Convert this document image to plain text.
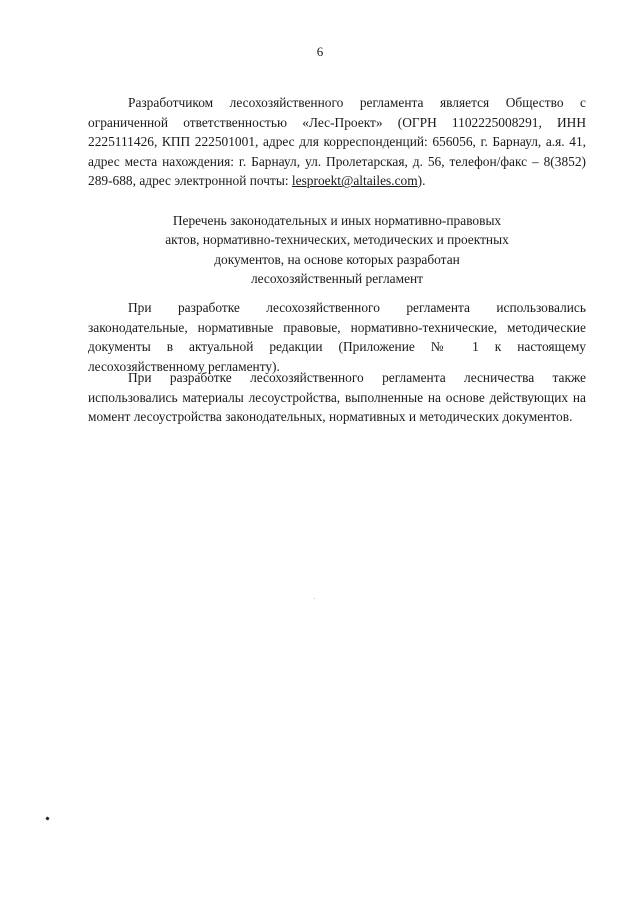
6

Разработчиком лесохозяйственного регламента является Общество с ограниченной ответственностью «Лес-Проект» (ОГРН 1102225008291, ИНН 2225111426, КПП 222501001, адрес для корреспонденций: 656056, г. Барнаул, а.я. 41, адрес места нахождения: г. Барнаул, ул. Пролетарская, д. 56, телефон/факс – 8(3852) 289-688, адрес электронной почты: lesproekt@altailes.com).

Перечень законодательных и иных нормативно-правовых
актов, нормативно-технических, методических и проектных
документов, на основе которых разработан
лесохозяйственный регламент

При разработке лесохозяйственного регламента использовались законодательные, нормативные правовые, нормативно-технические, методические документы в актуальной редакции (Приложение № 1 к настоящему лесохозяйственному регламенту).

При разработке лесохозяйственного регламента лесничества также использовались материалы лесоустройства, выполненные на основе действующих на момент лесоустройства законодательных, нормативных и методических документов.
